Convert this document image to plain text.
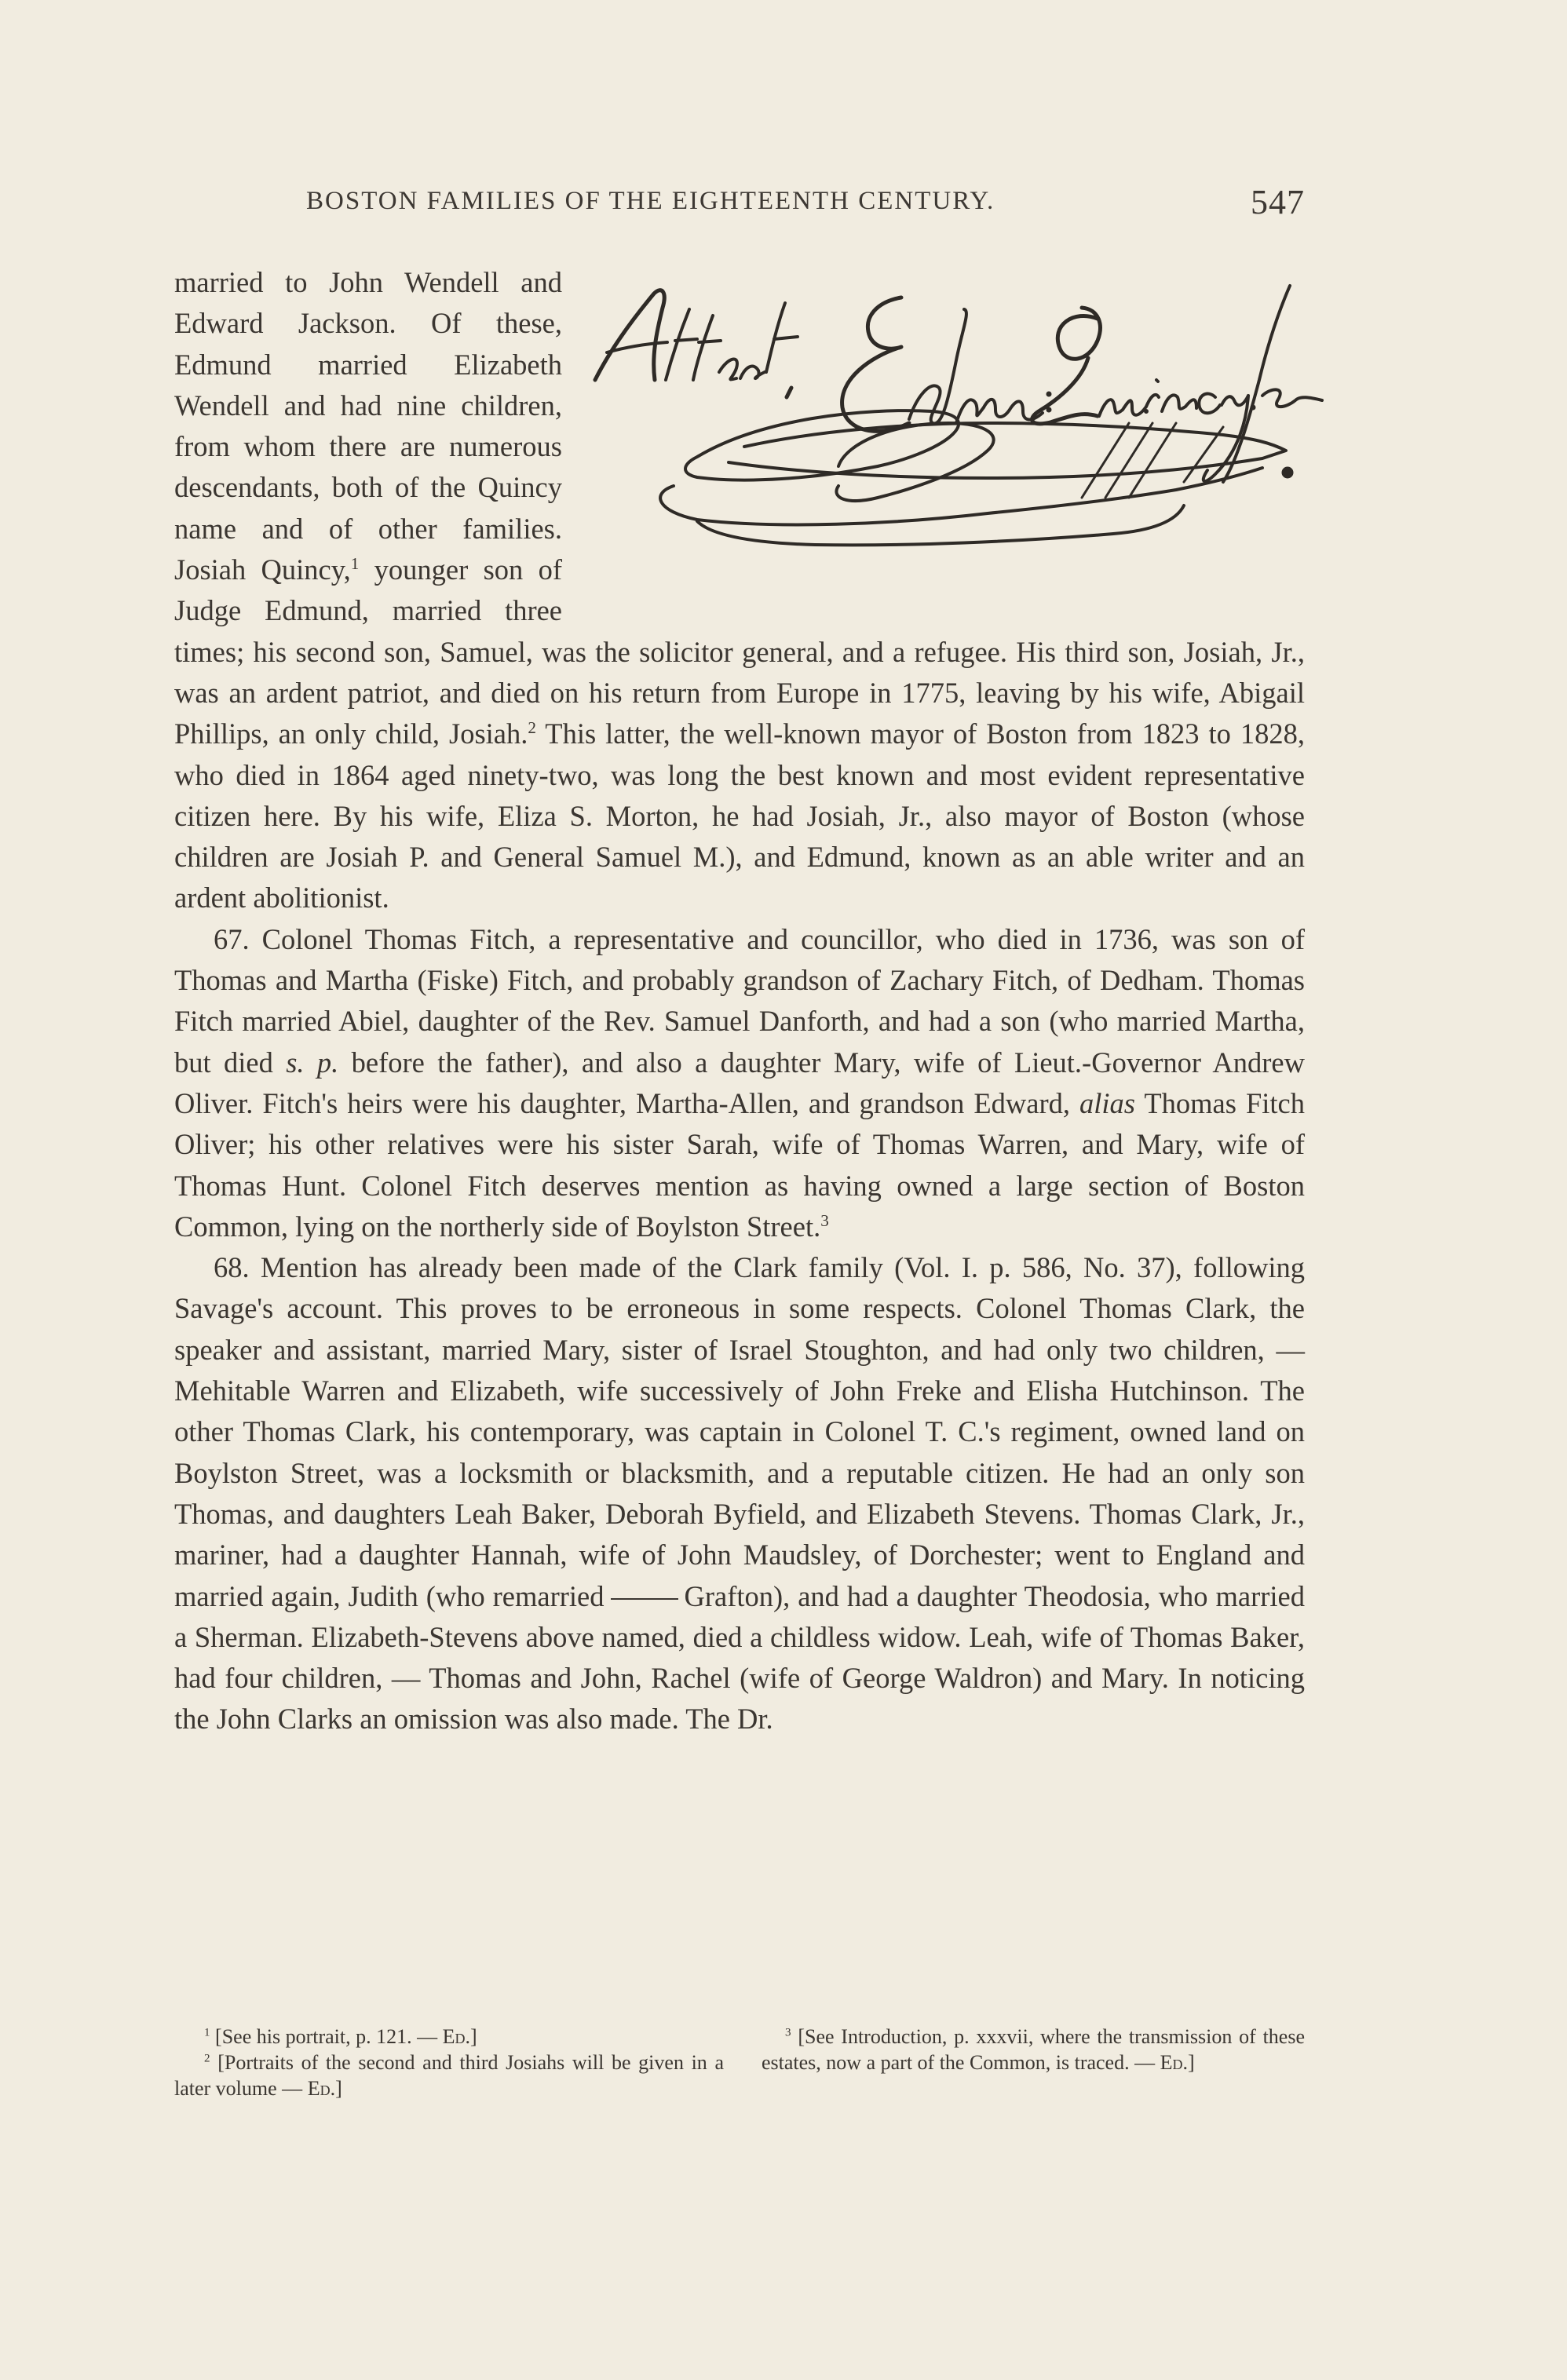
BOSTON FAMILIES OF THE EIGHTEENTH CENTURY.	547

married to John Wendell and Edward Jackson. Of these, Edmund married Elizabeth Wendell and had nine children, from whom there are numerous descendants, both of the Quincy name and of other families. Josiah Quincy,$^1$ younger son of Judge Edmund, married three times; his second son, Samuel, was the solicitor general, and a refugee. His third son, Josiah, Jr., was an ardent patriot, and died on his return from Europe in 1775, leaving by his wife, Abigail Phillips, an only child, Josiah.$^2$ This latter, the well-known mayor of Boston from 1823 to 1828, who died in 1864 aged ninety-two, was long the best known and most evident representative citizen here. By his wife, Eliza S. Morton, he had Josiah, Jr., also mayor of Boston (whose children are Josiah P. and General Samuel M.), and Edmund, known as an able writer and an ardent abolitionist.

67. Colonel Thomas Fitch, a representative and councillor, who died in 1736, was son of Thomas and Martha (Fiske) Fitch, and probably grandson of Zachary Fitch, of Dedham. Thomas Fitch married Abiel, daughter of the Rev. Samuel Danforth, and had a son (who married Martha, but died s. p. before the father), and also a daughter Mary, wife of Lieut.-Governor Andrew Oliver. Fitch's heirs were his daughter, Martha-Allen, and grandson Edward, alias Thomas Fitch Oliver; his other relatives were his sister Sarah, wife of Thomas Warren, and Mary, wife of Thomas Hunt. Colonel Fitch deserves mention as having owned a large section of Boston Common, lying on the northerly side of Boylston Street.$^3$

68. Mention has already been made of the Clark family (Vol. I. p. 586, No. 37), following Savage's account. This proves to be erroneous in some respects. Colonel Thomas Clark, the speaker and assistant, married Mary, sister of Israel Stoughton, and had only two children, — Mehitable Warren and Elizabeth, wife successively of John Freke and Elisha Hutchinson. The other Thomas Clark, his contemporary, was captain in Colonel T. C.'s regiment, owned land on Boylston Street, was a locksmith or blacksmith, and a reputable citizen. He had an only son Thomas, and daughters Leah Baker, Deborah Byfield, and Elizabeth Stevens. Thomas Clark, Jr., mariner, had a daughter Hannah, wife of John Maudsley, of Dorchester; went to England and married again, Judith (who remarried	Grafton), and had a daughter Theodosia, who married a Sherman. Elizabeth-Stevens above named, died a childless widow. Leah, wife of Thomas Baker, had four children, — Thomas and John, Rachel (wife of George Waldron) and Mary. In noticing the John Clarks an omission was also made. The Dr.

$^1$ [See his portrait, p. 121. — Ed.]

$^2$ [Portraits of the second and third Josiahs will be given in a later volume — Ed.]

$^3$ [See Introduction, p. xxxvii, where the transmission of these estates, now a part of the Common, is traced. — Ed.]
